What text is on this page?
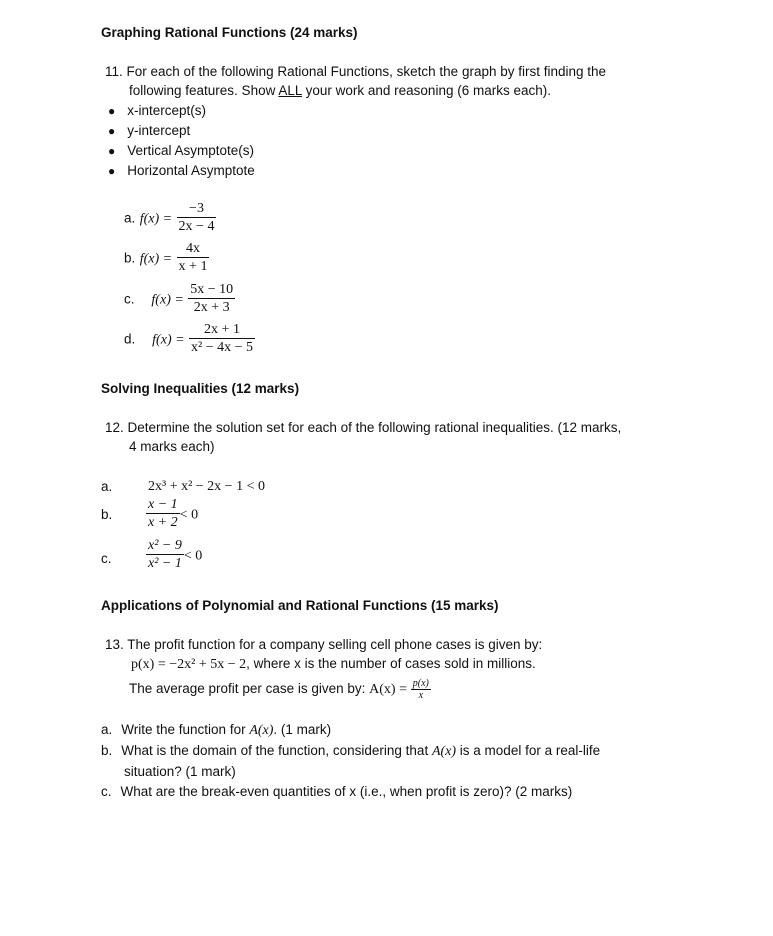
Graphing Rational Functions (24 marks)
11. For each of the following Rational Functions, sketch the graph by first finding the
following features. Show ALL your work and reasoning (6 marks each).
● x-intercept(s)
● y-intercept
● Vertical Asymptote(s)
● Horizontal Asymptote
a. $f(x) = \frac{-3}{2x - 4}$
b. $f(x) = \frac{4x}{x + 1}$
c. $f(x) = \frac{5x - 10}{2x + 3}$
d. $f(x) = \frac{2x + 1}{\text{x² − 4x − 5}}$
Solving Inequalities (12 marks)
12. Determine the solution set for each of the following rational inequalities. (12 marks,
4 marks each)
a.	2x³ + x² − 2x − 1 < 0
b. $\frac{x - 1}{x + 2} < 0$
c. $\frac{\text{x² − 9}}{\text{x² − 1}} < 0$
Applications of Polynomial and Rational Functions (15 marks)
13. The profit function for a company selling cell phone cases is given by:
p(x) = −2x² + 5x − 2, where x is the number of cases sold in millions.
The average profit per case is given by: $A(x) = \frac{p(x)}{x}$
a. Write the function for A(x). (1 mark)
b. What is the domain of the function, considering that A(x) is a model for a real-life
situation? (1 mark)
c. What are the break-even quantities of x (i.e., when profit is zero)? (2 marks)
